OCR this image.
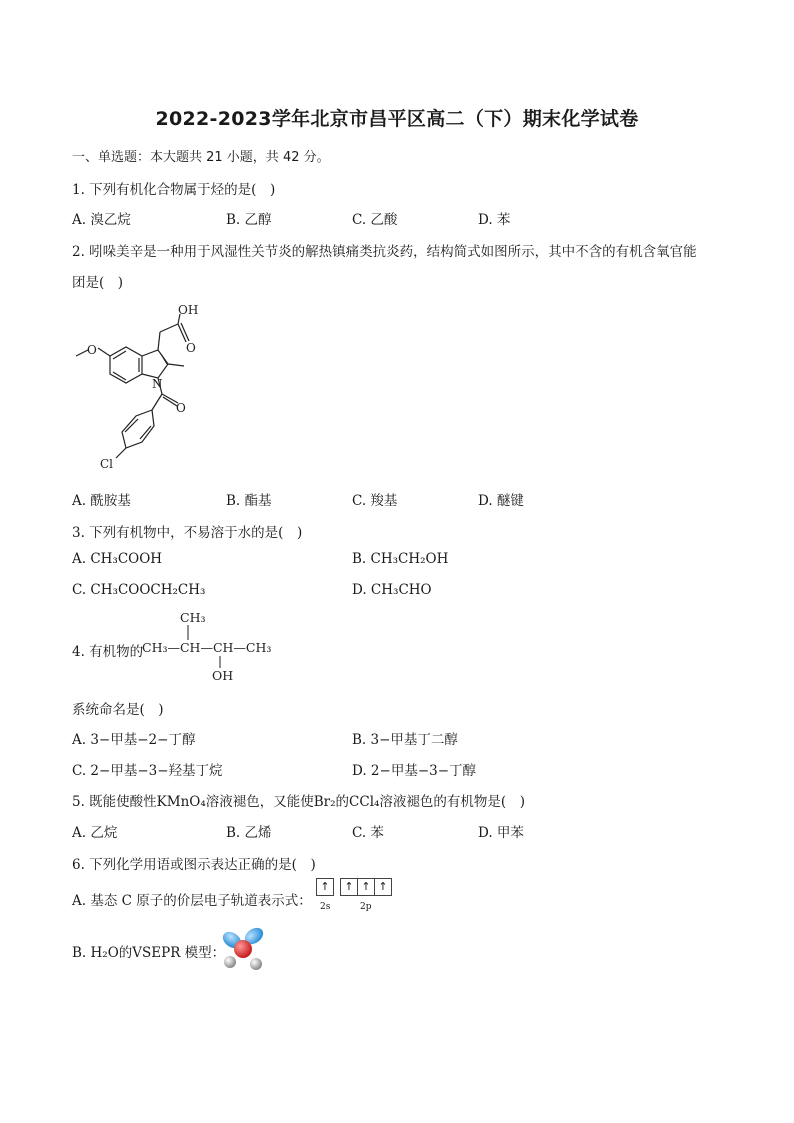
2022-2023学年北京市昌平区高二（下）期末化学试卷
一、单选题：本大题共 21 小题，共 42 分。
1. 下列有机化合物属于烃的是(　)
A. 溴乙烷	B. 乙醇	C. 乙酸	D. 苯
2. 吲哚美辛是一种用于风湿性关节炎的解热镇痛类抗炎药，结构简式如图所示，其中不含的有机含氧官能
团是(　)
OH
O
O
N
O
Cl
A. 酰胺基	B. 酯基	C. 羧基	D. 醚键
3. 下列有机物中，不易溶于水的是(　)
A. CH₃COOH	B. CH₃CH₂OH
C. CH₃COOCH₂CH₃	D. CH₃CHO
4. 有机物的
CH₃
CH₃—CH—CH—CH₃
OH
系统命名是(　)
A. 3−甲基−2−丁醇	B. 3−甲基丁二醇
C. 2−甲基−3−羟基丁烷	D. 2−甲基−3−丁醇
5. 既能使酸性KMnO₄溶液褪色，又能使Br₂的CCl₄溶液褪色的有机物是(　)
A. 乙烷	B. 乙烯	C. 苯	D. 甲苯
6. 下列化学用语或图示表达正确的是(　)
A. 基态 C 原子的价层电子轨道表示式：
↑	↑ ↑ ↑
2s	2p
B. H₂O的VSEPR 模型：
